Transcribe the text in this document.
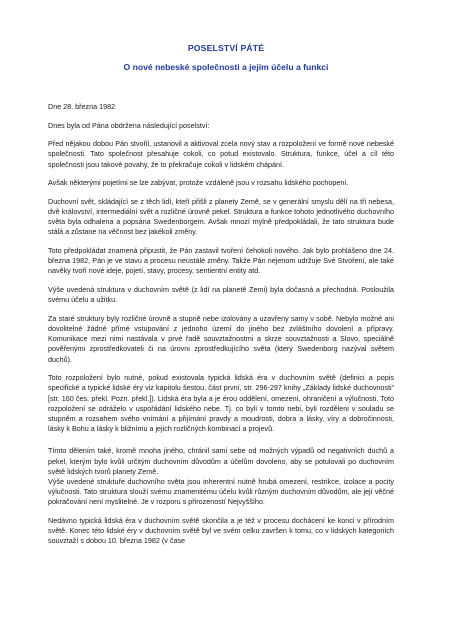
POSELSTVÍ PÁTÉ
O nové nebeské společnosti a jejím účelu a funkci

Dne 28. března 1982

Dnes byla od Pána obdržena následující poselství:

Před nějakou dobou Pán stvořil, ustanovil a aktivoval zcela nový stav a rozpoložení ve formě nové nebeské společnosti. Tato společnost přesahuje cokoli, co potud existovalo. Struktura, funkce, účel a cíl této společnosti jsou takové povahy, že to překračuje cokoli v lidském chápání.

Avšak některými pojetími se lze zabývat, protože vzdáleně jsou v rozsahu lidského pochopení.

Duchovní svět, skládající se z těch lidí, kteří přišli z planety Země, se v generální smyslu dělí na tři nebesa, dvě království, intermediální svět a rozličné úrovně pekel. Struktura a funkce tohoto jednotlivého duchovního světa byla odhalena a popsána Swedenborgem. Avšak mnozí mylně předpokládali, že tato struktura bude stálá a zůstane na věčnost bez jakékoli změny.

Toto předpokládat znamená připustit, že Pán zastavil tvoření čehokoli nového. Jak bylo prohlášeno dne 24. března 1982, Pán je ve stavu a procesu neustálé změny. Takže Pán nejenom udržuje Své Stvoření, ale také navěky tvoří nové ideje, pojetí, stavy, procesy, sentientní entity atd.

Výše uvedená struktura v duchovním světě (z lidí na planetě Zemi) byla dočasná a přechodná. Posloužila svému účelu a užitku.

Za staré struktury byly rozličné úrovně a stupně nebe izolovány a uzavřeny samy v sobě. Nebylo možné ani dovolitelné žádné přímé vstupování z jednoho území do jiného bez zvláštního dovolení a přípravy. Komunikace mezi nimi nastávala v prvé řadě souvztažnostmi a skrze souvztažnosti a Slovo, speciálně pověřenými zprostředkovateli či na úrovni zprostředkujícího světa (který Swedenborg nazýval světem duchů).

Toto rozpoložení bylo nutné, pokud existovala typická lidská éra v duchovním světě (definici a popis specifické a typické lidské éry viz kapitolu šestou, část první, str. 296-297 knihy „Základy lidské duchovnosti“ [str. 160 čes. překl. Pozn. překl.]). Lidská éra byla a je érou oddělení, omezení, ohraničení a výlučnosti. Toto rozpoložení se odráželo v uspořádání lidského nebe. Tj. co byli v tomto nebi, byli rozděleni v souladu se stupněm a rozsahem svého vnímání a přijímání pravdy a moudrosti, dobra a lásky, víry a dobročinnosti, lásky k Bohu a lásky k bližnímu a jejich rozličných kombinací a projevů.

Tímto dělením také, kromě mnoha jiného, chránil sami sebe od možných výpadů od negativních duchů a pekel, kterým bylo kvůli určitým duchovním důvodům a účelům dovoleno, aby se potulovali po duchovním světě lidských tvorů planety Země.

Výše uvedené struktuře duchovního světa jsou inherentní nutně hrubá omezení, restrikce, izolace a pocity výlučnosti. Tato struktura slouží svému znamenitému účelu kvůli různým duchovním důvodům, ale její věčné pokračování není myslitelné. Je v rozporu s přirozeností Nejvyššího.

Nedávno typická lidská éra v duchovním světě skončila a je též v procesu dochácení ke konci v přírodním světě. Konec této lidské éry v duchovním světě byl ve svém celku završen k tomu, co v lidských kategoriích souvztaží s dobou 10. března 1982 (v čase
